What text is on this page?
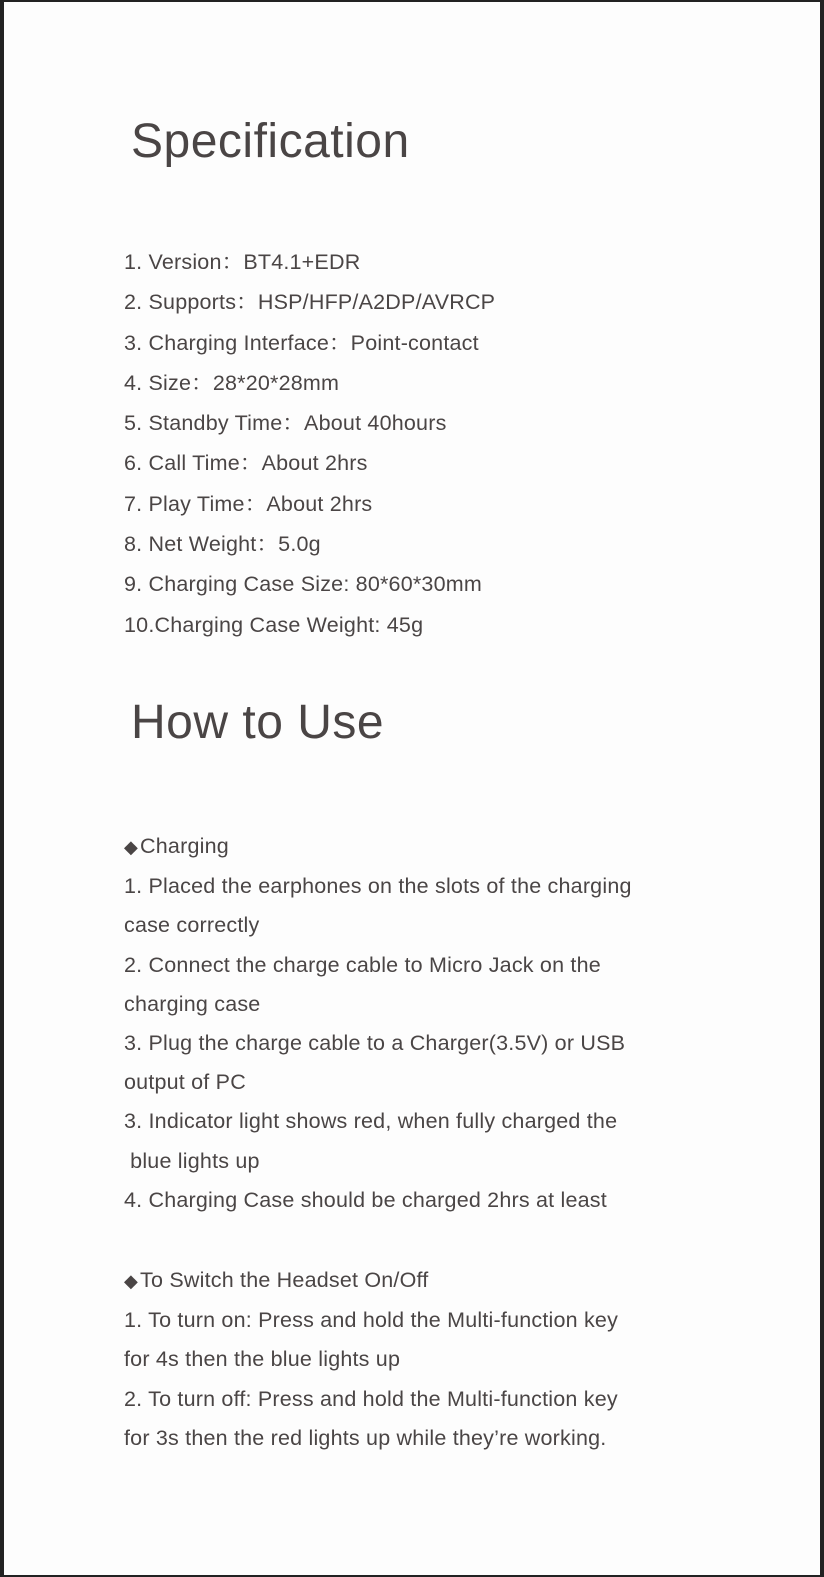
Specification
1. Version：BT4.1+EDR
2. Supports：HSP/HFP/A2DP/AVRCP
3. Charging Interface：Point-contact
4. Size：28*20*28mm
5. Standby Time：About 40hours
6. Call Time：About 2hrs
7. Play Time：About 2hrs
8. Net Weight：5.0g
9. Charging Case Size: 80*60*30mm
10.Charging Case Weight: 45g
How to Use

◆Charging

1. Placed the earphones on the slots of the charging

case correctly

2. Connect the charge cable to Micro Jack on the

charging case

3. Plug the charge cable to a Charger(3.5V) or USB

output of PC

3. Indicator light shows red, when fully charged the

blue lights up

4. Charging Case should be charged 2hrs at least

◆To Switch the Headset On/Off

1. To turn on: Press and hold the Multi-function key

for 4s then the blue lights up

2. To turn off: Press and hold the Multi-function key

for 3s then the red lights up while they’re working.
